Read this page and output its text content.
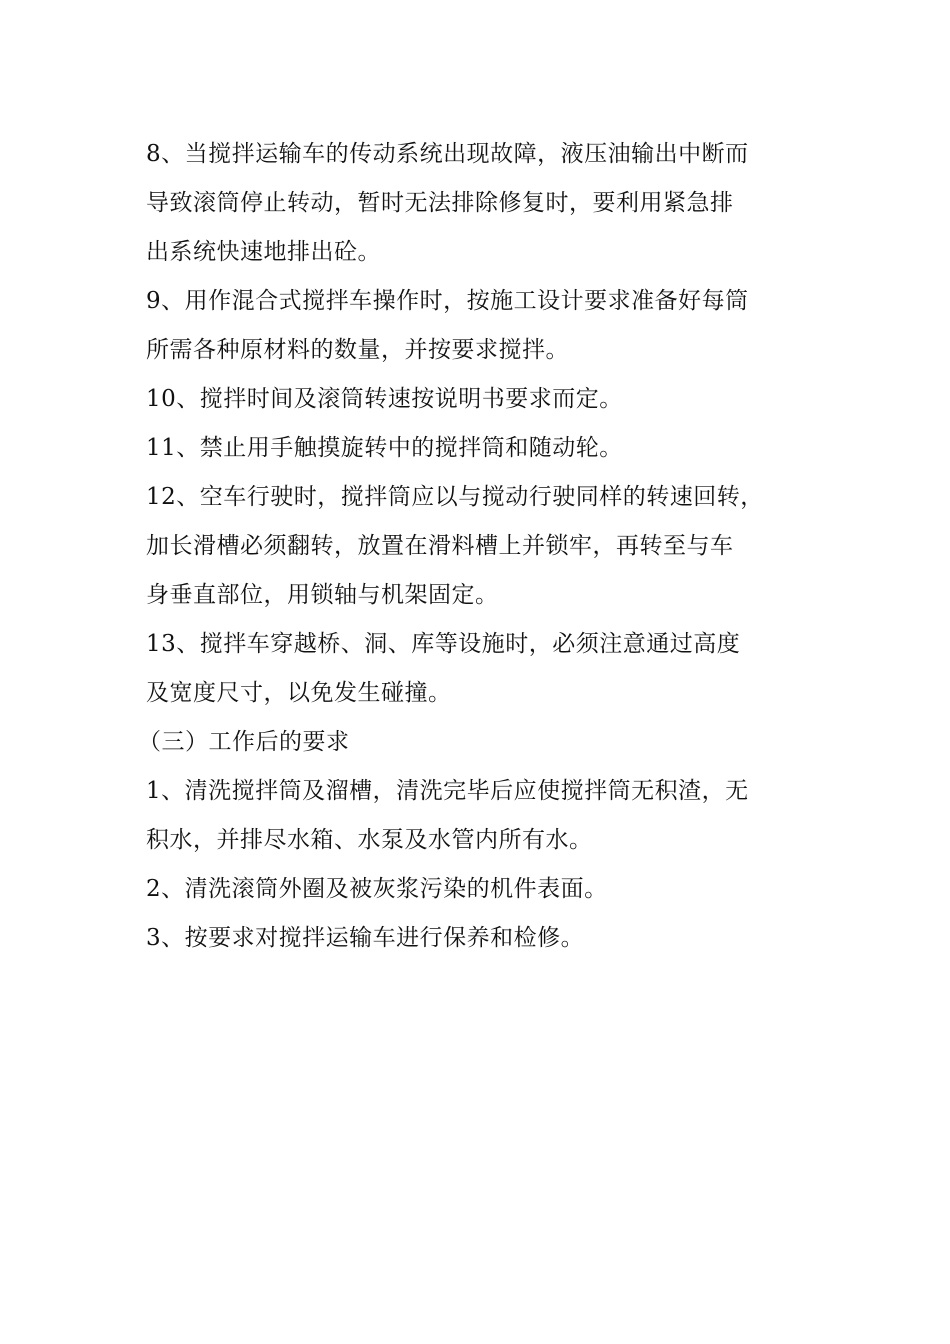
8、当搅拌运输车的传动系统出现故障，液压油输出中断而
导致滚筒停止转动，暂时无法排除修复时，要利用紧急排
出系统快速地排出砼。

9、用作混合式搅拌车操作时，按施工设计要求准备好每筒
所需各种原材料的数量，并按要求搅拌。

10、搅拌时间及滚筒转速按说明书要求而定。

11、禁止用手触摸旋转中的搅拌筒和随动轮。

12、空车行驶时，搅拌筒应以与搅动行驶同样的转速回转，
加长滑槽必须翻转，放置在滑料槽上并锁牢，再转至与车
身垂直部位，用锁轴与机架固定。

13、搅拌车穿越桥、洞、库等设施时，必须注意通过高度
及宽度尺寸，以免发生碰撞。

（三）工作后的要求

1、清洗搅拌筒及溜槽，清洗完毕后应使搅拌筒无积渣，无
积水，并排尽水箱、水泵及水管内所有水。

2、清洗滚筒外圈及被灰浆污染的机件表面。

3、按要求对搅拌运输车进行保养和检修。
